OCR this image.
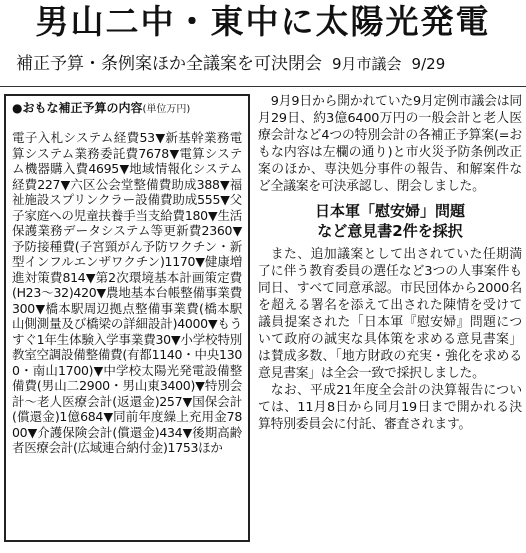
男山二中・東中に太陽光発電
補正予算・条例案ほか全議案を可決閉会 9月市議会 9/29
●おもな補正予算の内容(単位万円)
電子入札システム経費53▼新基幹業務電算システム業務委託費7678▼電算システム機器購入費4695▼地域情報化システム経費227▼六区公会堂整備費助成388▼福祉施設スプリンクラー設備費助成555▼父子家庭への児童扶養手当支給費180▼生活保護業務データシステム等更新費2360▼予防接種費(子宮頸がん予防ワクチン・新型インフルエンザワクチン)1170▼健康増進対策費814▼第2次環境基本計画策定費(H23〜32)420▼農地基本台帳整備事業費300▼橋本駅周辺拠点整備事業費(橋本駅山側測量及び橋梁の詳細設計)4000▼もうすぐ1年生体験入学事業費30▼小学校特別教室空調設備整備費(有都1140・中央1300・南山1700)▼中学校太陽光発電設備整備費(男山二2900・男山東3400)▼特別会計〜老人医療会計(返還金)257▼国保会計(償還金)1億684▼同前年度繰上充用金7800▼介護保険会計(償還金)434▼後期高齢者医療会計(広域連合納付金)1753ほか

9月9日から開かれていた9月定例市議会は同月29日、約3億6400万円の一般会計と老人医療会計など4つの特別会計の各補正予算案(=おもな内容は左欄の通り)と市火災予防条例改正案のほか、専決処分事件の報告、和解案件など全議案を可決承認し、閉会しました。

日本軍「慰安婦」問題
など意見書2件を採択

また、追加議案として出されていた任期満了に伴う教育委員の選任など3つの人事案件も同日、すべて同意承認。市民団体から2000名を超える署名を添えて出された陳情を受けて議員提案された「日本軍『慰安婦』問題について政府の誠実な具体策を求める意見書案」は賛成多数、「地方財政の充実・強化を求める意見書案」は全会一致で採択しました。

なお、平成21年度全会計の決算報告については、11月8日から同月19日まで開かれる決算特別委員会に付託、審査されます。
